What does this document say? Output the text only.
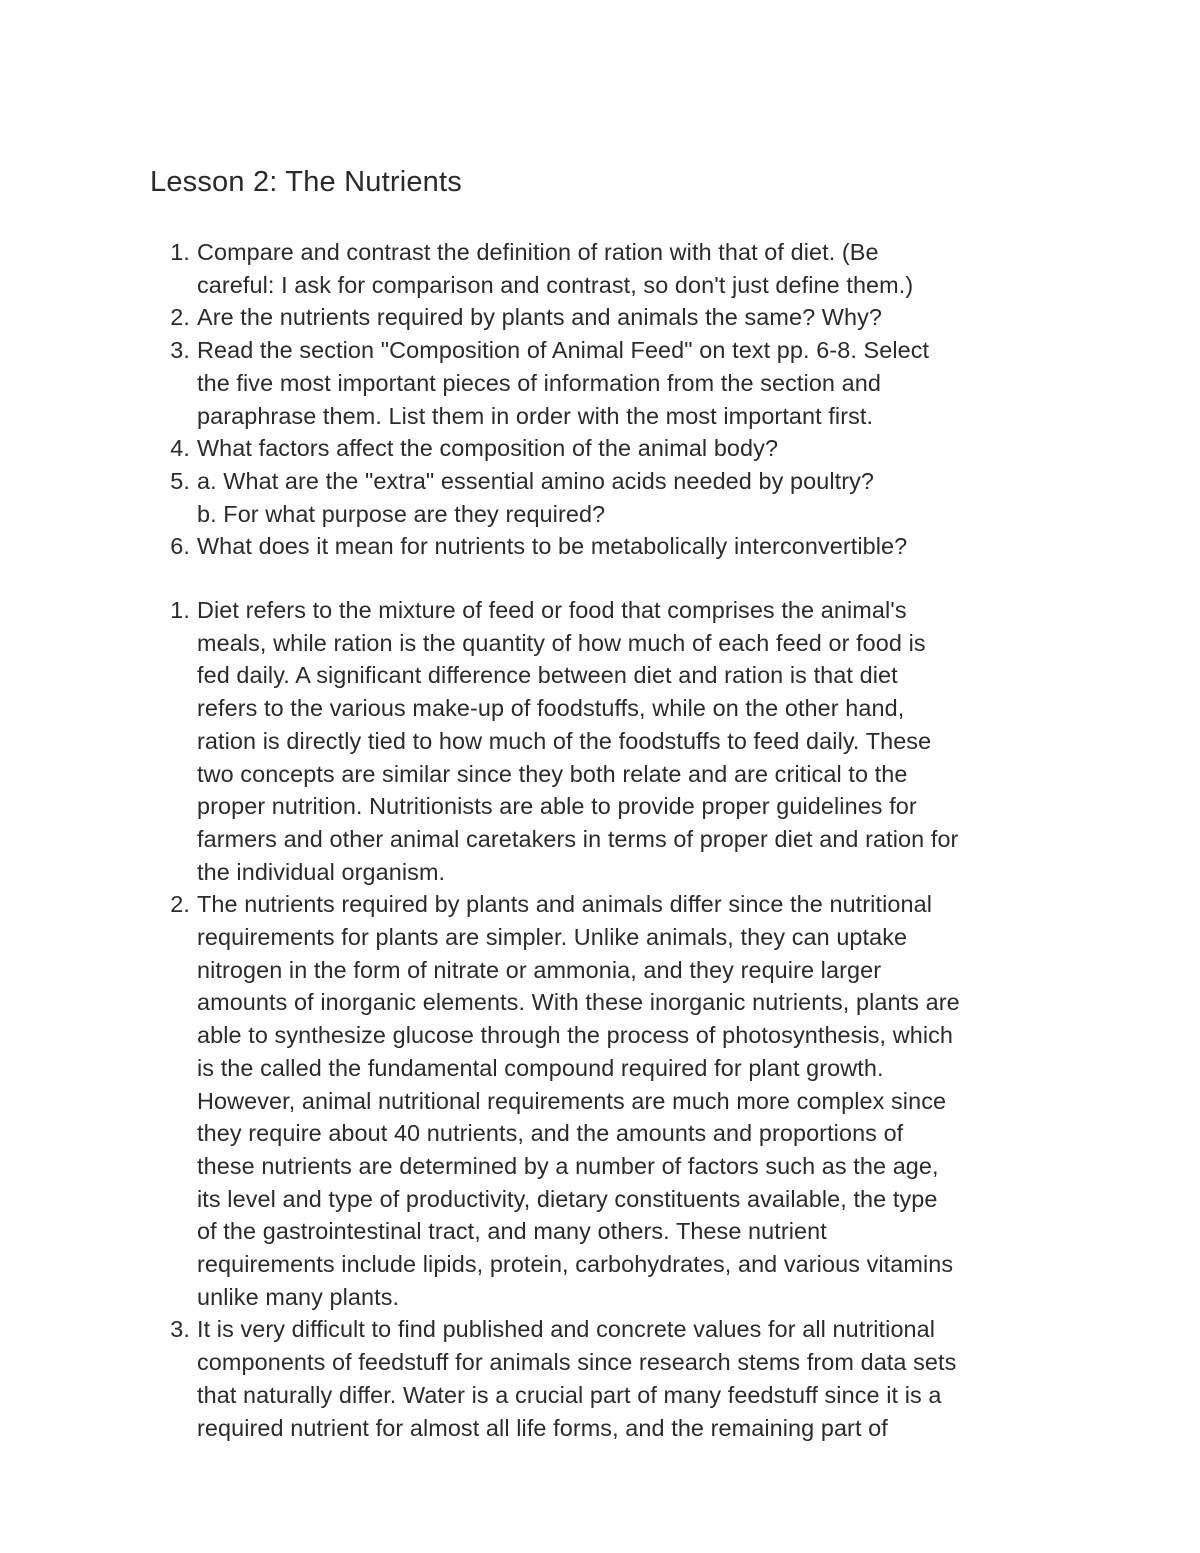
Lesson 2: The Nutrients
1. Compare and contrast the definition of ration with that of diet. (Be
careful: I ask for comparison and contrast, so don't just define them.)
2. Are the nutrients required by plants and animals the same? Why?
3. Read the section "Composition of Animal Feed" on text pp. 6-8. Select
the five most important pieces of information from the section and
paraphrase them. List them in order with the most important first.
4. What factors affect the composition of the animal body?
5. a. What are the "extra" essential amino acids needed by poultry?
b. For what purpose are they required?
6. What does it mean for nutrients to be metabolically interconvertible?
1. Diet refers to the mixture of feed or food that comprises the animal's
meals, while ration is the quantity of how much of each feed or food is
fed daily. A significant difference between diet and ration is that diet
refers to the various make-up of foodstuffs, while on the other hand,
ration is directly tied to how much of the foodstuffs to feed daily. These
two concepts are similar since they both relate and are critical to the
proper nutrition. Nutritionists are able to provide proper guidelines for
farmers and other animal caretakers in terms of proper diet and ration for
the individual organism.
2. The nutrients required by plants and animals differ since the nutritional
requirements for plants are simpler. Unlike animals, they can uptake
nitrogen in the form of nitrate or ammonia, and they require larger
amounts of inorganic elements. With these inorganic nutrients, plants are
able to synthesize glucose through the process of photosynthesis, which
is the called the fundamental compound required for plant growth.
However, animal nutritional requirements are much more complex since
they require about 40 nutrients, and the amounts and proportions of
these nutrients are determined by a number of factors such as the age,
its level and type of productivity, dietary constituents available, the type
of the gastrointestinal tract, and many others. These nutrient
requirements include lipids, protein, carbohydrates, and various vitamins
unlike many plants.
3. It is very difficult to find published and concrete values for all nutritional
components of feedstuff for animals since research stems from data sets
that naturally differ. Water is a crucial part of many feedstuff since it is a
required nutrient for almost all life forms, and the remaining part of
